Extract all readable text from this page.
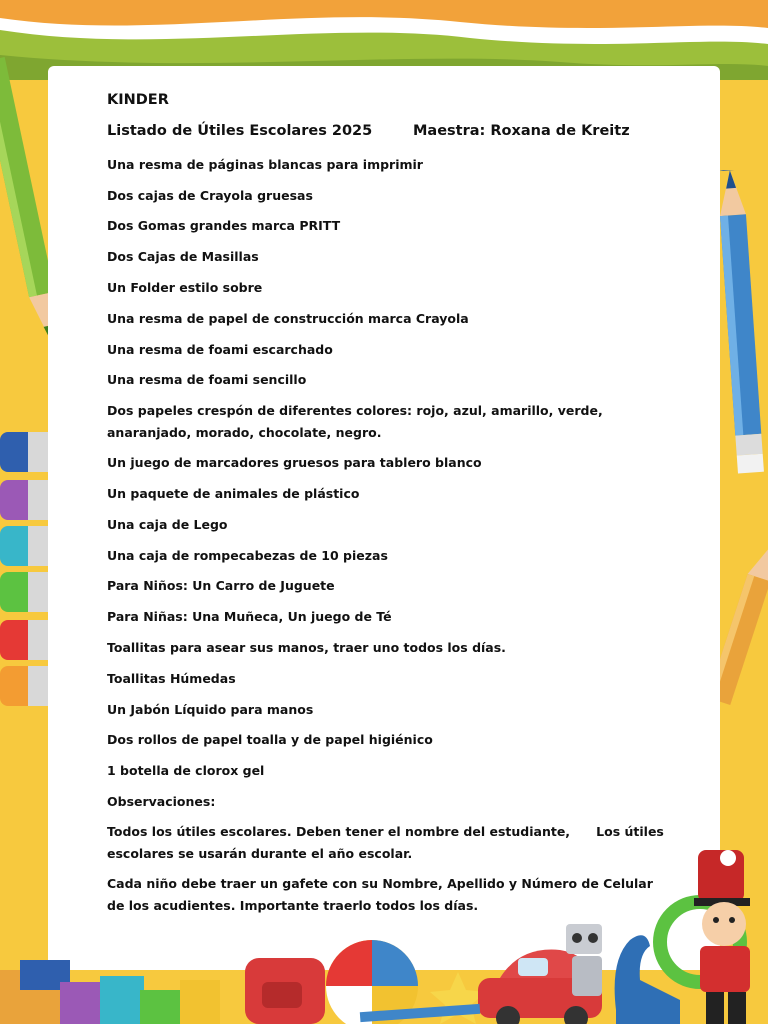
KINDER
Listado de Útiles Escolares 2025	Maestra: Roxana de Kreitz
Una resma de páginas blancas para imprimir
Dos cajas de Crayola gruesas
Dos Gomas grandes marca PRITT
Dos Cajas de Masillas
Un Folder estilo sobre
Una resma de papel de construcción marca Crayola
Una resma de foami escarchado
Una resma de foami sencillo
Dos papeles crespón de diferentes colores: rojo, azul, amarillo, verde, anaranjado, morado, chocolate, negro.
Un juego de marcadores gruesos para tablero blanco
Un paquete de animales de plástico
Una caja de Lego
Una caja de rompecabezas de 10 piezas
Para Niños: Un Carro de Juguete
Para Niñas: Una Muñeca, Un juego de Té
Toallitas para asear sus manos, traer uno todos los días.
Toallitas Húmedas
Un Jabón Líquido para manos
Dos rollos de papel toalla y de papel higiénico
1 botella de clorox gel
Observaciones:
Todos los útiles escolares. Deben tener el nombre del estudiante,      Los útiles escolares se usarán durante el año escolar.
Cada niño debe traer un gafete con su Nombre, Apellido y Número de Celular de los acudientes. Importante traerlo todos los días.
